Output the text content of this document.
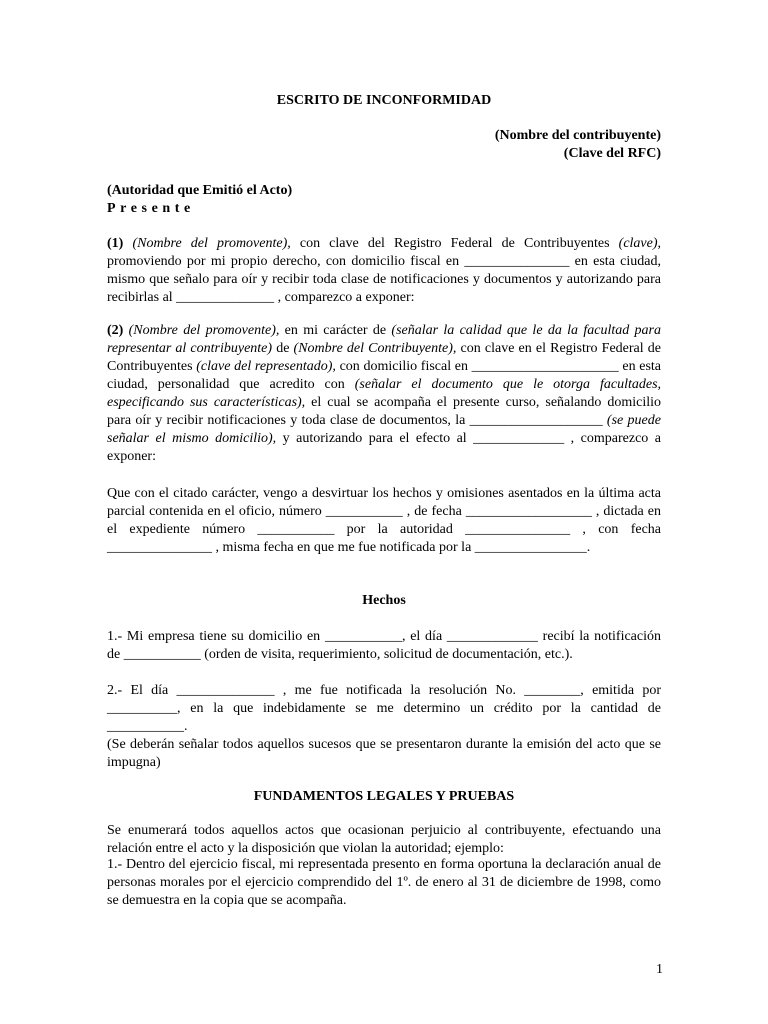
ESCRITO DE INCONFORMIDAD
(Nombre del contribuyente)
(Clave del RFC)
(Autoridad que Emitió el Acto)
Presente

(1) (Nombre del promovente), con clave del Registro Federal de Contribuyentes (clave), promoviendo por mi propio derecho, con domicilio fiscal en _______________ en esta ciudad, mismo que señalo para oír y recibir toda clase de notificaciones y documentos y autorizando para recibirlas al ______________ , comparezco a exponer:

(2) (Nombre del promovente), en mi carácter de (señalar la calidad que le da la facultad para representar al contribuyente) de (Nombre del Contribuyente), con clave en el Registro Federal de Contribuyentes (clave del representado), con domicilio fiscal en _____________________ en esta ciudad, personalidad que acredito con (señalar el documento que le otorga facultades, especificando sus características), el cual se acompaña el presente curso, señalando domicilio para oír y recibir notificaciones y toda clase de documentos, la ___________________ (se puede señalar el mismo domicilio), y autorizando para el efecto al _____________ , comparezco a exponer:

Que con el citado carácter, vengo a desvirtuar los hechos y omisiones asentados en la última acta parcial contenida en el oficio, número ___________ , de fecha __________________ , dictada en el expediente número ___________ por la autoridad _______________ , con fecha _______________ , misma fecha en que me fue notificada por la ________________.

Hechos

1.- Mi empresa tiene su domicilio en ___________, el día _____________ recibí la notificación de ___________ (orden de visita, requerimiento, solicitud de documentación, etc.).

2.- El día ______________ , me fue notificada la resolución No. ________, emitida por __________, en la que indebidamente se me determino un crédito por la cantidad de ___________.

(Se deberán señalar todos aquellos sucesos que se presentaron durante la emisión del acto que se impugna)

FUNDAMENTOS LEGALES Y PRUEBAS

Se enumerará todos aquellos actos que ocasionan perjuicio al contribuyente, efectuando una relación entre el acto y la disposición que violan la autoridad; ejemplo:

1.- Dentro del ejercicio fiscal, mi representada presento en forma oportuna la declaración anual de personas morales por el ejercicio comprendido del 1º. de enero al 31 de diciembre de 1998, como se demuestra en la copia que se acompaña.

1
